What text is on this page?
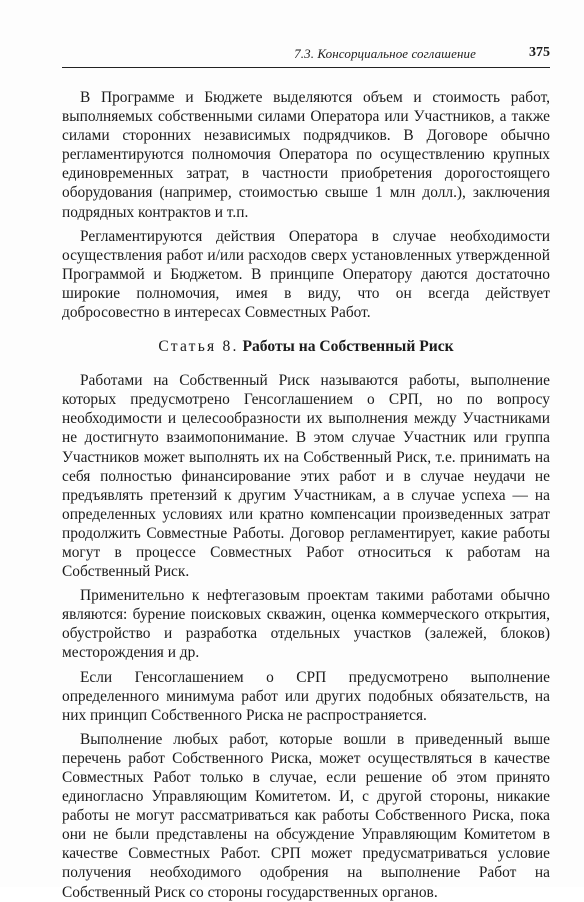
7.3. Консорциальное соглашение	375

В Программе и Бюджете выделяются объем и стоимость работ, выполняемых собственными силами Оператора или Участников, а также силами сторонних независимых подрядчиков. В Договоре обычно регламентируются полномочия Оператора по осуществлению крупных единовременных затрат, в частности приобретения дорогостоящего оборудования (например, стоимостью свыше 1 млн долл.), заключения подрядных контрактов и т.п.

Регламентируются действия Оператора в случае необходимости осуществления работ и/или расходов сверх установленных утвержденной Программой и Бюджетом. В принципе Оператору даются достаточно широкие полномочия, имея в виду, что он всегда действует добросовестно в интересах Совместных Работ.

Статья 8. Работы на Собственный Риск

Работами на Собственный Риск называются работы, выполнение которых предусмотрено Генсоглашением о СРП, но по вопросу необходимости и целесообразности их выполнения между Участниками не достигнуто взаимопонимание. В этом случае Участник или группа Участников может выполнять их на Собственный Риск, т.е. принимать на себя полностью финансирование этих работ и в случае неудачи не предъявлять претензий к другим Участникам, а в случае успеха — на определенных условиях или кратно компенсации произведенных затрат продолжить Совместные Работы. Договор регламентирует, какие работы могут в процессе Совместных Работ относиться к работам на Собственный Риск.

Применительно к нефтегазовым проектам такими работами обычно являются: бурение поисковых скважин, оценка коммерческого открытия, обустройство и разработка отдельных участков (залежей, блоков) месторождения и др.

Если Генсоглашением о СРП предусмотрено выполнение определенного минимума работ или других подобных обязательств, на них принцип Собственного Риска не распространяется.

Выполнение любых работ, которые вошли в приведенный выше перечень работ Собственного Риска, может осуществляться в качестве Совместных Работ только в случае, если решение об этом принято единогласно Управляющим Комитетом. И, с другой стороны, никакие работы не могут рассматриваться как работы Собственного Риска, пока они не были представлены на обсуждение Управляющим Комитетом в качестве Совместных Работ. СРП может предусматриваться условие получения необходимого одобрения на выполнение Работ на Собственный Риск со стороны государственных органов.
